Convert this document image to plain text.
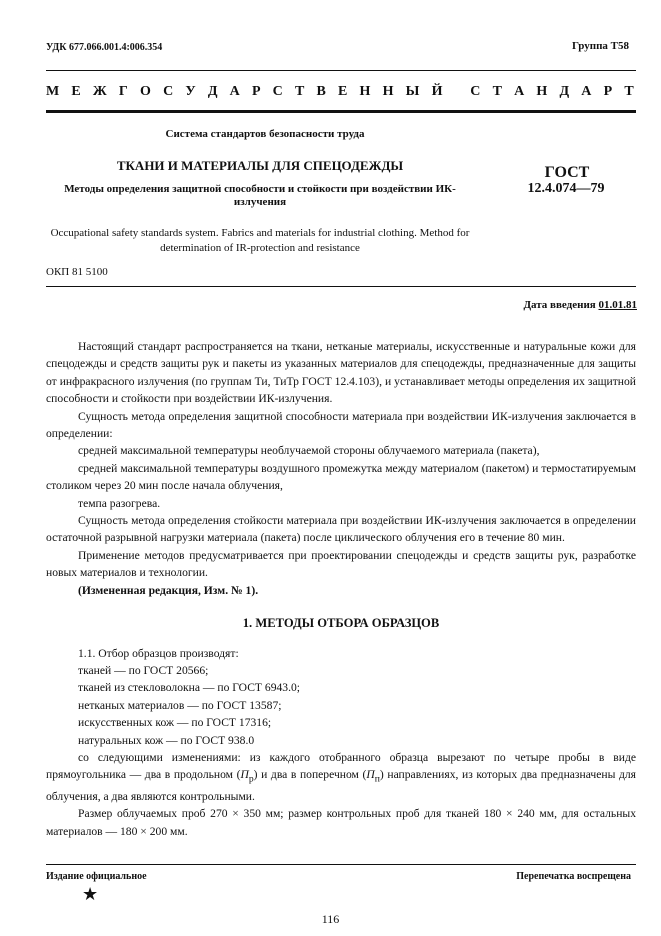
УДК 677.066.001.4:006.354	Группа Т58
М Е Ж Г О С У Д А Р С Т В Е Н Н Ы Й
С Т А Н Д А Р Т
Система стандартов безопасности труда
ТКАНИ И МАТЕРИАЛЫ ДЛЯ СПЕЦОДЕЖДЫ
Методы определения защитной способности и стойкости при воздействии ИК-излучения
ГОСТ
12.4.074—79
Occupational safety standards system. Fabrics and materials for industrial clothing. Method for determination of IR-protection and resistance
ОКП 81 5100
Дата введения 01.01.81

Настоящий стандарт распространяется на ткани, нетканые материалы, искусственные и натуральные кожи для спецодежды и средств защиты рук и пакеты из указанных материалов для спецодежды, предназначенные для защиты от инфракрасного излучения (по группам Ти, ТиТр ГОСТ 12.4.103), и устанавливает методы определения их защитной способности и стойкости при воздействии ИК-излучения.

Сущность метода определения защитной способности материала при воздействии ИК-излучения заключается в определении:

средней максимальной температуры необлучаемой стороны облучаемого материала (пакета),

средней максимальной температуры воздушного промежутка между материалом (пакетом) и термостатируемым столиком через 20 мин после начала облучения,

темпа разогрева.

Сущность метода определения стойкости материала при воздействии ИК-излучения заключается в определении остаточной разрывной нагрузки материала (пакета) после циклического облучения его в течение 80 мин.

Применение методов предусматривается при проектировании спецодежды и средств защиты рук, разработке новых материалов и технологии.

(Измененная редакция, Изм. № 1).

1. МЕТОДЫ ОТБОРА ОБРАЗЦОВ

1.1. Отбор образцов производят:

тканей — по ГОСТ 20566;

тканей из стекловолокна — по ГОСТ 6943.0;

нетканых материалов — по ГОСТ 13587;

искусственных кож — по ГОСТ 17316;

натуральных кож — по ГОСТ 938.0

со следующими изменениями: из каждого отобранного образца вырезают по четыре пробы в виде прямоугольника — два в продольном $(П_р)$ и два в поперечном $(П_п)$ направлениях, из которых два предназначены для облучения, а два являются контрольными.

Размер облучаемых проб 270 × 350 мм; размер контрольных проб для тканей 180 × 240 мм, для остальных материалов — 180 × 200 мм.

Издание официальное	Перепечатка воспрещена
★
116
